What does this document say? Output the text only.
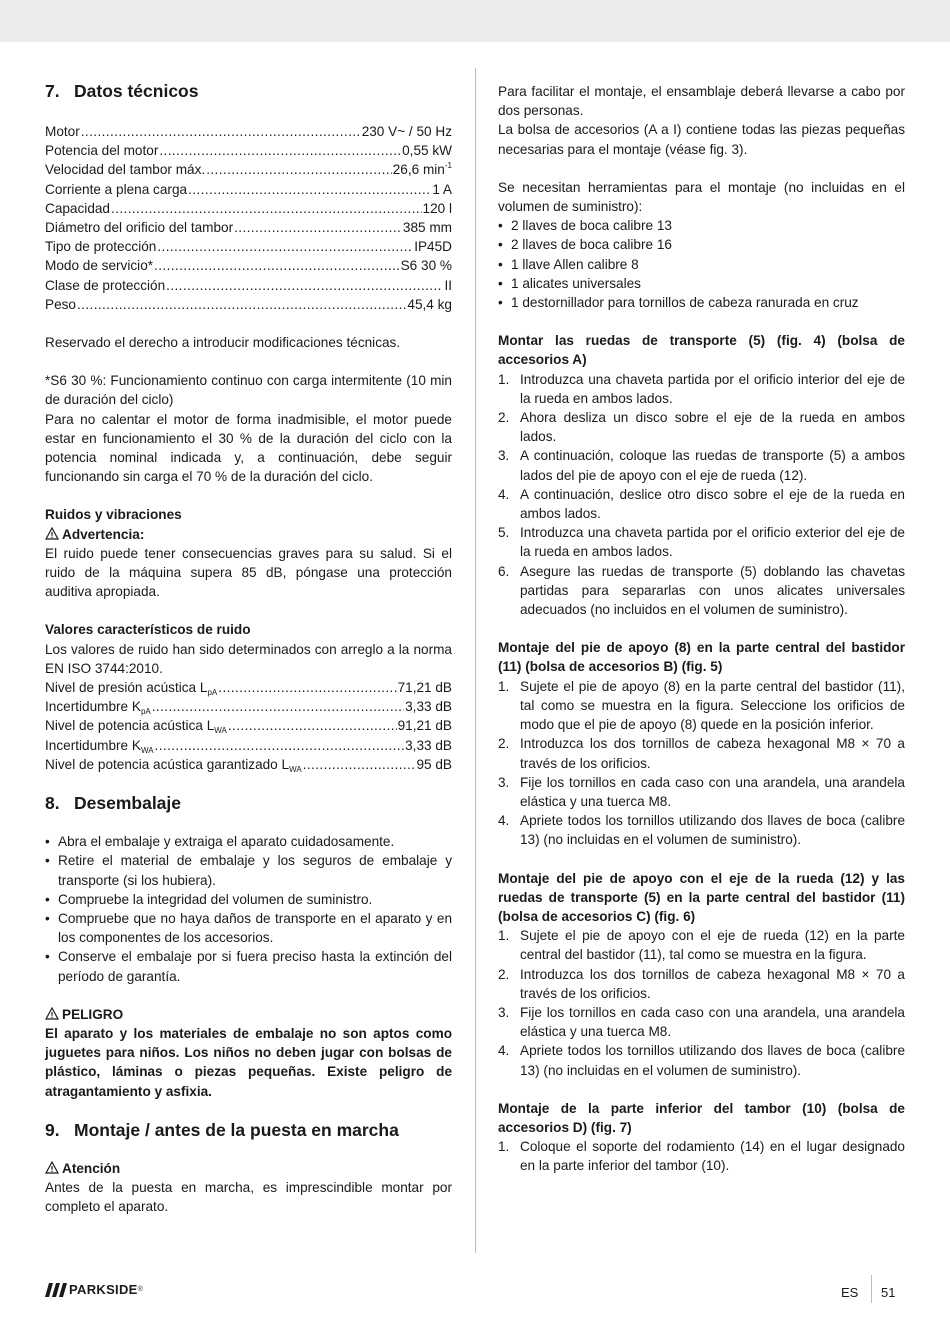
7. Datos técnicos
Motor .....	230 V~ / 50 Hz
Potencia del motor .....	0,55 kW
Velocidad del tambor máx. .....	26,6 $\min^{-1}$
Corriente a plena carga .....	1 A
Capacidad .....	120 l
Diámetro del orificio del tambor .....	385 mm
Tipo de protección .....	IP45D
Modo de servicio* .....	S6 30 %
Clase de protección .....	II
Peso .....	45,4 kg

Reservado el derecho a introducir modificaciones técnicas.

*S6 30 %: Funcionamiento continuo con carga intermitente (10 min de duración del ciclo)

Para no calentar el motor de forma inadmisible, el motor puede estar en funcionamiento el 30 % de la duración del ciclo con la potencia nominal indicada y, a continuación, debe seguir funcionando sin carga el 70 % de la duración del ciclo.

Ruidos y vibraciones

Advertencia:

El ruido puede tener consecuencias graves para su salud. Si el ruido de la máquina supera 85 dB, póngase una protección auditiva apropiada.

Valores característicos de ruido

Los valores de ruido han sido determinados con arreglo a la norma EN ISO 3744:2010.

Nivel de presión acústica $L_{pA}$ .....	71,21 dB
Incertidumbre $K_{pA}$ .....	3,33 dB
Nivel de potencia acústica $L_{WA}$ .....	91,21 dB
Incertidumbre $K_{WA}$ .....	3,33 dB
Nivel de potencia acústica garantizado $L_{WA}$ .....	95 dB
8. Desembalaje
• Abra el embalaje y extraiga el aparato cuidadosamente.
• Retire el material de embalaje y los seguros de embalaje y transporte (si los hubiera).
• Compruebe la integridad del volumen de suministro.
• Compruebe que no haya daños de transporte en el aparato y en los componentes de los accesorios.
• Conserve el embalaje por si fuera preciso hasta la extinción del período de garantía.

PELIGRO

El aparato y los materiales de embalaje no son aptos como juguetes para niños. Los niños no deben jugar con bolsas de plástico, láminas o piezas pequeñas. Existe peligro de atragantamiento y asfixia.

9. Montaje / antes de la puesta en marcha

Atención

Antes de la puesta en marcha, es imprescindible montar por completo el aparato.

Para facilitar el montaje, el ensamblaje deberá llevarse a cabo por dos personas.

La bolsa de accesorios (A a I) contiene todas las piezas pequeñas necesarias para el montaje (véase fig. 3).

Se necesitan herramientas para el montaje (no incluidas en el volumen de suministro):

• 2 llaves de boca calibre 13
• 2 llaves de boca calibre 16
• 1 llave Allen calibre 8
• 1 alicates universales
• 1 destornillador para tornillos de cabeza ranurada en cruz

Montar las ruedas de transporte (5) (fig. 4) (bolsa de accesorios A)

1. Introduzca una chaveta partida por el orificio interior del eje de la rueda en ambos lados.
2. Ahora desliza un disco sobre el eje de la rueda en ambos lados.
3. A continuación, coloque las ruedas de transporte (5) a ambos lados del pie de apoyo con el eje de rueda (12).
4. A continuación, deslice otro disco sobre el eje de la rueda en ambos lados.
5. Introduzca una chaveta partida por el orificio exterior del eje de la rueda en ambos lados.
6. Asegure las ruedas de transporte (5) doblando las chavetas partidas para separarlas con unos alicates universales adecuados (no incluidos en el volumen de suministro).

Montaje del pie de apoyo (8) en la parte central del bastidor (11) (bolsa de accesorios B) (fig. 5)

1. Sujete el pie de apoyo (8) en la parte central del bastidor (11), tal como se muestra en la figura. Seleccione los orificios de modo que el pie de apoyo (8) quede en la posición inferior.
2. Introduzca los dos tornillos de cabeza hexagonal M8 × 70 a través de los orificios.
3. Fije los tornillos en cada caso con una arandela, una arandela elástica y una tuerca M8.
4. Apriete todos los tornillos utilizando dos llaves de boca (calibre 13) (no incluidas en el volumen de suministro).

Montaje del pie de apoyo con el eje de la rueda (12) y las ruedas de transporte (5) en la parte central del bastidor (11) (bolsa de accesorios C) (fig. 6)

1. Sujete el pie de apoyo con el eje de rueda (12) en la parte central del bastidor (11), tal como se muestra en la figura.
2. Introduzca los dos tornillos de cabeza hexagonal M8 × 70 a través de los orificios.
3. Fije los tornillos en cada caso con una arandela, una arandela elástica y una tuerca M8.
4. Apriete todos los tornillos utilizando dos llaves de boca (calibre 13) (no incluidas en el volumen de suministro).

Montaje de la parte inferior del tambor (10) (bolsa de accesorios D) (fig. 7)

1. Coloque el soporte del rodamiento (14) en el lugar designado en la parte inferior del tambor (10).
PARKSIDE ®	ES 51
